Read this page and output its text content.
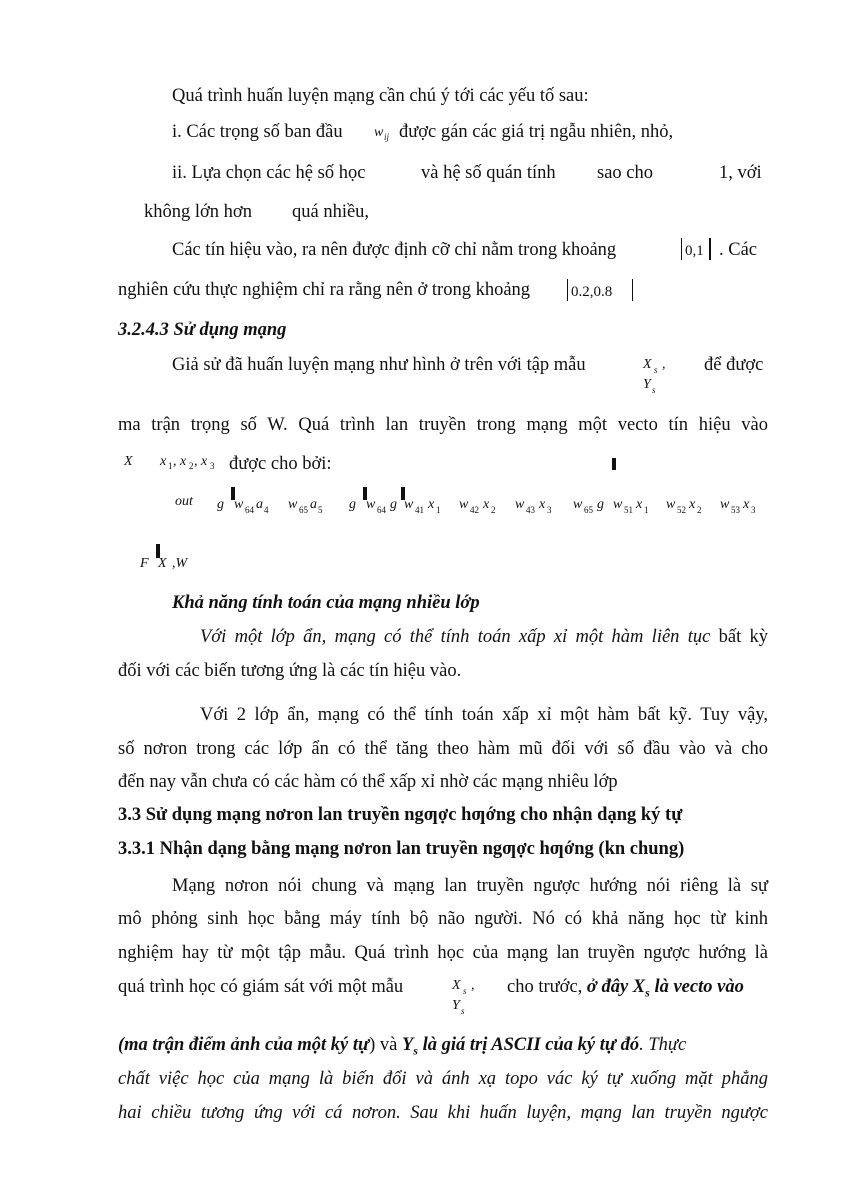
Quá trình huấn luyện mạng cần chú ý tới các yếu tố sau:
i. Các trọng số ban đầu w ij được gán các giá trị ngẫu nhiên, nhỏ,
ii. Lựa chọn các hệ số học	và hệ số quán tính sao cho	1, với
không lớn hơn quá nhiều,
Các tín hiệu vào, ra nên được định cỡ chỉ nằm trong khoảng	0,1 . Các
nghiên cứu thực nghiệm chỉ ra rằng nên ở trong khoảng	0.2,0.8
3.2.4.3 Sử dụng mạng
Giả sử đã huấn luyện mạng như hình ở trên với tập mẫu	X s ,
Y s
để được
ma trận trọng số W. Quá trình lan truyền trong mạng một vecto tín hiệu vào
X x 1 , x 2 , x 3 được cho bởi:
out g w 64 a 4 w 65 a 5 g w 64 g w 41 x 1 w 42 x 2 w 43 x 3 w 65 g w 51 x 1 w 52 x 2 w 53 x 3
F X ,W
Khả năng tính toán của mạng nhiều lớp
Với một lớp ẩn, mạng có thể tính toán xấp xỉ một hàm liên tục bất kỳ
đối với các biến tương ứng là các tín hiệu vào.
Với 2 lớp ẩn, mạng có thể tính toán xấp xỉ một hàm bất kỹ. Tuy vậy,
số nơron trong các lớp ẩn có thể tăng theo hàm mũ đối với số đầu vào và cho
đến nay vẫn chưa có các hàm có thể xấp xỉ nhờ các mạng nhiêu lớp
3.3 Sử dụng mạng nơron lan truyền ngƣợc hƣớng cho nhận dạng ký tự
3.3.1 Nhận dạng bằng mạng nơron lan truyền ngƣợc hƣớng (kn chung)
Mạng nơron nói chung và mạng lan truyền ngược hướng nói riêng là sự
mô phỏng sinh học bằng máy tính bộ não người. Nó có khả năng học từ kinh
nghiệm hay từ một tập mẫu. Quá trình học của mạng lan truyền ngược hướng là
quá trình học có giám sát với một mẫu	X s ,
Y s
cho trước, ở đây $X_s$ là vecto vào
(ma trận điểm ảnh của một ký tự) và $Y_s$ là giá trị ASCII của ký tự đó. Thực
chất việc học của mạng là biến đổi và ánh xạ topo vác ký tự xuống mặt phẳng
hai chiều tương ứng với cá nơron. Sau khi huấn luyện, mạng lan truyền ngược
